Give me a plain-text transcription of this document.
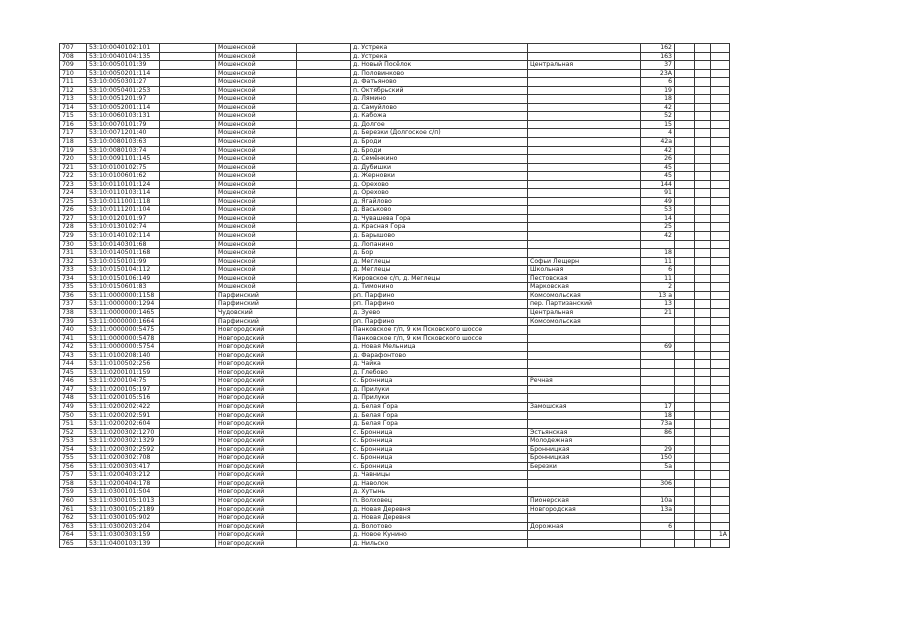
707	53:10:0040102:101		Мошенской		д. Устрека		162			
708	53:10:0040104:135		Мошенской		д. Устрека		163			
709	53:10:0050101:39		Мошенской		д. Новый Посёлок	Центральная	37			
710	53:10:0050201:114		Мошенской		д. Половинково		23А			
711	53:10:0050301:27		Мошенской		д. Фатьяново		6			
712	53:10:0050401:253		Мошенской		п. Октябрьский		19			
713	53:10:0051201:97		Мошенской		д. Лямино		18			
714	53:10:0052001:114		Мошенской		д. Самуйлово		42			
715	53:10:0060103:131		Мошенской		д. Кабожа		52			
716	53:10:0070101:79		Мошенской		д. Долгое		15			
717	53:10:0071201:40		Мошенской		д. Березки (Долгоское с/п)		4			
718	53:10:0080103:63		Мошенской		д. Броди		42а			
719	53:10:0080103:74		Мошенской		д. Броди		42			
720	53:10:0091101:145		Мошенской		д. Семёнкино		26			
721	53:10:0100102:75		Мошенской		д. Дубишки		45			
722	53:10:0100601:62		Мошенской		д. Жерновки		45			
723	53:10:0110101:124		Мошенской		д. Орехово		144			
724	53:10:0110103:114		Мошенской		д. Орехово		91			
725	53:10:0111001:118		Мошенской		д. Ягайлово		49			
726	53:10:0111201:104		Мошенской		д. Васьково		53			
727	53:10:0120101:97		Мошенской		д. Чувашева Гора		14			
728	53:10:0130102:74		Мошенской		д. Красная Гора		25			
729	53:10:0140102:114		Мошенской		д. Барышово		42			
730	53:10:0140301:68		Мошенской		д. Лопанино					
731	53:10:0140501:168		Мошенской		д. Бор		18			
732	53:10:0150101:99		Мошенской		д. Меглецы	Софьи Лещерн	11			
733	53:10:0150104:112		Мошенской		д. Меглецы	Школьная	6			
734	53:10:0150106:149		Мошенской		Кировское с/п, д. Меглецы	Пестовская	11			
735	53:10:0150601:83		Мошенской		д. Тимонино	Марковская	2			
736	53:11:0000000:1158		Парфинский		рп. Парфино	Комсомольская	13 а			
737	53:11:0000000:1294		Парфинский		рп. Парфино	пер. Партизанский	13			
738	53:11:0000000:1465		Чудовский		д. Зуево	Центральная	21			
739	53:11:0000000:1664		Парфинский		рп. Парфино	Комсомольская				
740	53:11:0000000:5475		Новгородский		Панковское г/п, 9 км Псковского шоссе					
741	53:11:0000000:5478		Новгородский		Панковское г/п, 9 км Псковского шоссе					
742	53:11:0000000:5754		Новгородский		д. Новая Мельница		69			
743	53:11:0100208:140		Новгородский		д. Фарафонтово					
744	53:11:0100502:256		Новгородский		д. Чайка					
745	53:11:0200101:159		Новгородский		д. Глебово					
746	53:11:0200104:75		Новгородский		с. Бронница	Речная				
747	53:11:0200105:197		Новгородский		д. Прилуки					
748	53:11:0200105:516		Новгородский		д. Прилуки					
749	53:11:0200202:422		Новгородский		д. Белая Гора	Замошская	17			
750	53:11:0200202:591		Новгородский		д. Белая Гора		18			
751	53:11:0200202:604		Новгородский		д. Белая Гора		73а			
752	53:11:0200302:1270		Новгородский		с. Бронница	Эстьянская	86			
753	53:11:0200302:1329		Новгородский		с. Бронница	Молодежная				
754	53:11:0200302:2592		Новгородский		с. Бронница	Бронницкая	29			
755	53:11:0200302:708		Новгородский		с. Бронница	Бронницкая	150			
756	53:11:0200303:417		Новгородский		с. Бронница	Березки	5а			
757	53:11:0200403:212		Новгородский		д. Чавницы					
758	53:11:0200404:178		Новгородский		д. Наволок		306			
759	53:11:0300101:504		Новгородский		д. Хутынь					
760	53:11:0300105:1013		Новгородский		п. Волховец	Пионерская	10а			
761	53:11:0300105:2189		Новгородский		д. Новая Деревня	Новгородская	13а			
762	53:11:0300105:902		Новгородский		д. Новая Деревня					
763	53:11:0300203:204		Новгородский		д. Волотово	Дорожная	6			
764	53:11:0300303:159		Новгородский		д. Новое Кунино					1А
765	53:11:0400103:139		Новгородский		д. Нильско					
